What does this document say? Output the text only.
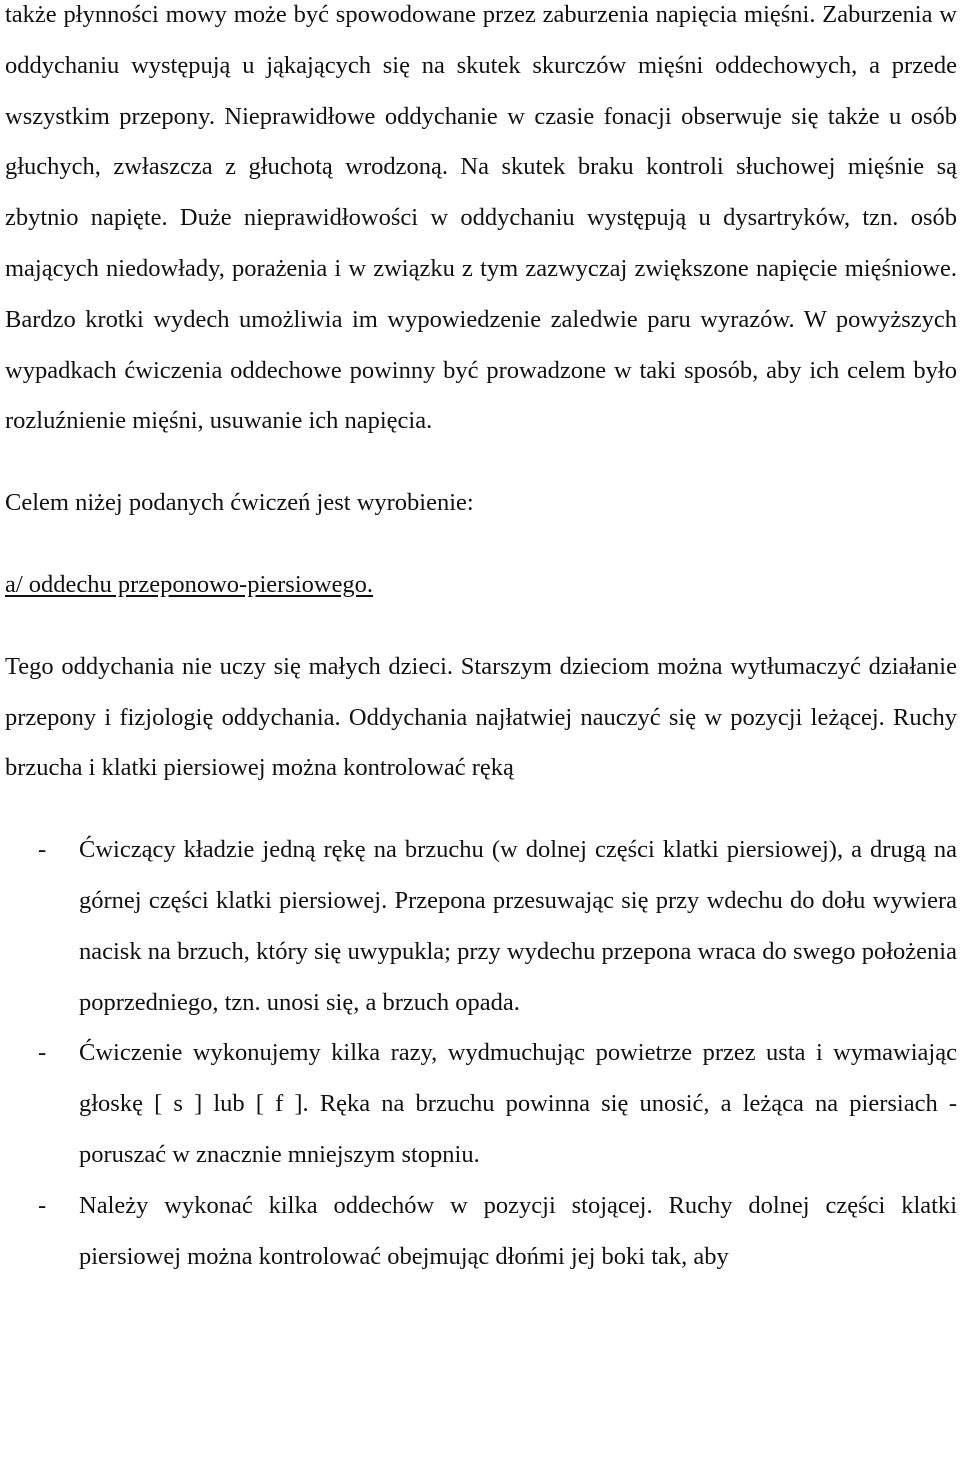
także płynności mowy może być spowodowane przez zaburzenia napięcia mięśni. Zaburzenia w oddychaniu występują u jąkających się na skutek skurczów mięśni oddechowych, a przede wszystkim przepony. Nieprawidłowe oddychanie w czasie fonacji obserwuje się także u osób głuchych, zwłaszcza z głuchotą wrodzoną. Na skutek braku kontroli słuchowej mięśnie są zbytnio napięte. Duże nieprawidłowości w oddychaniu występują u dysartryków, tzn. osób mających niedowłady, porażenia i w związku z tym zazwyczaj zwiększone napięcie mięśniowe. Bardzo krotki wydech umożliwia im wypowiedzenie zaledwie paru wyrazów. W powyższych wypadkach ćwiczenia oddechowe powinny być prowadzone w taki sposób, aby ich celem było rozluźnienie mięśni, usuwanie ich napięcia.

Celem niżej podanych ćwiczeń jest wyrobienie:

a/ oddechu przeponowo-piersiowego.

Tego oddychania nie uczy się małych dzieci. Starszym dzieciom można wytłumaczyć działanie przepony i fizjologię oddychania. Oddychania najłatwiej nauczyć się w pozycji leżącej. Ruchy brzucha i klatki piersiowej można kontrolować ręką

- Ćwiczący kładzie jedną rękę na brzuchu (w dolnej części klatki piersiowej), a drugą na górnej części klatki piersiowej. Przepona przesuwając się przy wdechu do dołu wywiera nacisk na brzuch, który się uwypukla; przy wydechu przepona wraca do swego położenia poprzedniego, tzn. unosi się, a brzuch opada.
- Ćwiczenie wykonujemy kilka razy, wydmuchując powietrze przez usta i wymawiając głoskę [ s ] lub [ f ]. Ręka na brzuchu powinna się unosić, a leżąca na piersiach - poruszać w znacznie mniejszym stopniu.
- Należy wykonać kilka oddechów w pozycji stojącej. Ruchy dolnej części klatki piersiowej można kontrolować obejmując dłońmi jej boki tak, aby
